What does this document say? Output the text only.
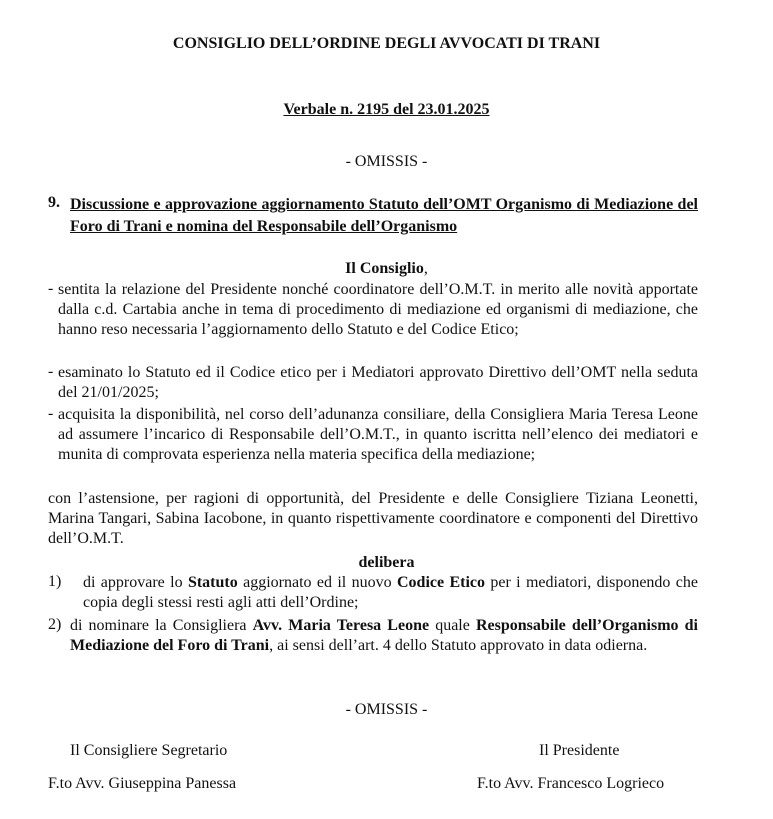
CONSIGLIO DELL’ORDINE DEGLI AVVOCATI DI TRANI
Verbale n. 2195 del 23.01.2025
- OMISSIS -
9. Discussione e approvazione aggiornamento Statuto dell’OMT Organismo di Mediazione del Foro di Trani e nomina del Responsabile dell’Organismo
Il Consiglio,
- sentita la relazione del Presidente nonché coordinatore dell’O.M.T. in merito alle novità apportate dalla c.d. Cartabia anche in tema di procedimento di mediazione ed organismi di mediazione, che hanno reso necessaria l’aggiornamento dello Statuto e del Codice Etico;
- esaminato lo Statuto ed il Codice etico per i Mediatori approvato Direttivo dell’OMT nella seduta del 21/01/2025;
- acquisita la disponibilità, nel corso dell’adunanza consiliare, della Consigliera Maria Teresa Leone ad assumere l’incarico di Responsabile dell’O.M.T., in quanto iscritta nell’elenco dei mediatori e munita di comprovata esperienza nella materia specifica della mediazione;
con l’astensione, per ragioni di opportunità, del Presidente e delle Consigliere Tiziana Leonetti, Marina Tangari, Sabina Iacobone, in quanto rispettivamente coordinatore e componenti del Direttivo dell’O.M.T.
delibera
1) di approvare lo Statuto aggiornato ed il nuovo Codice Etico per i mediatori, disponendo che copia degli stessi resti agli atti dell’Ordine;
2) di nominare la Consigliera Avv. Maria Teresa Leone quale Responsabile dell’Organismo di Mediazione del Foro di Trani, ai sensi dell’art. 4 dello Statuto approvato in data odierna.
- OMISSIS -
Il Consigliere Segretario
F.to Avv. Giuseppina Panessa
Il Presidente
F.to Avv. Francesco Logrieco
